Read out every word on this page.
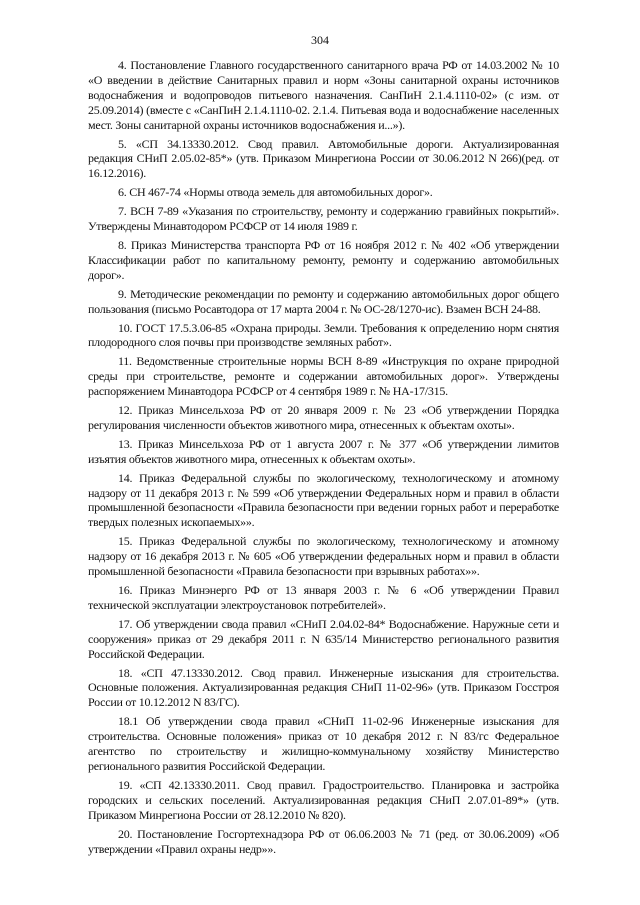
304

4. Постановление Главного государственного санитарного врача РФ от 14.03.2002 № 10 «О введении в действие Санитарных правил и норм «Зоны санитарной охраны источников водоснабжения и водопроводов питьевого назначения. СанПиН 2.1.4.1110-02» (с изм. от 25.09.2014) (вместе с «СанПиН 2.1.4.1110-02. 2.1.4. Питьевая вода и водоснабжение населенных мест. Зоны санитарной охраны источников водоснабжения и...»).

5. «СП 34.13330.2012. Свод правил. Автомобильные дороги. Актуализированная редакция СНиП 2.05.02-85*» (утв. Приказом Минрегиона России от 30.06.2012 N 266)(ред. от 16.12.2016).

6. СН 467-74 «Нормы отвода земель для автомобильных дорог».

7. ВСН 7-89 «Указания по строительству, ремонту и содержанию гравийных покрытий». Утверждены Минавтодором РСФСР от 14 июля 1989 г.

8. Приказ Министерства транспорта РФ от 16 ноября 2012 г. № 402 «Об утверждении Классификации работ по капитальному ремонту, ремонту и содержанию автомобильных дорог».

9. Методические рекомендации по ремонту и содержанию автомобильных дорог общего пользования (письмо Росавтодора от 17 марта 2004 г. № ОС-28/1270-ис). Взамен ВСН 24-88.

10. ГОСТ 17.5.3.06-85 «Охрана природы. Земли. Требования к определению норм снятия плодородного слоя почвы при производстве земляных работ».

11. Ведомственные строительные нормы ВСН 8-89 «Инструкция по охране природной среды при строительстве, ремонте и содержании автомобильных дорог». Утверждены распоряжением Минавтодора РСФСР от 4 сентября 1989 г. № НА-17/315.

12. Приказ Минсельхоза РФ от 20 января 2009 г. № 23 «Об утверждении Порядка регулирования численности объектов животного мира, отнесенных к объектам охоты».

13. Приказ Минсельхоза РФ от 1 августа 2007 г. № 377 «Об утверждении лимитов изъятия объектов животного мира, отнесенных к объектам охоты».

14. Приказ Федеральной службы по экологическому, технологическому и атомному надзору от 11 декабря 2013 г. № 599 «Об утверждении Федеральных норм и правил в области промышленной безопасности «Правила безопасности при ведении горных работ и переработке твердых полезных ископаемых»».

15. Приказ Федеральной службы по экологическому, технологическому и атомному надзору от 16 декабря 2013 г. № 605 «Об утверждении федеральных норм и правил в области промышленной безопасности «Правила безопасности при взрывных работах»».

16. Приказ Минэнерго РФ от 13 января 2003 г. № 6 «Об утверждении Правил технической эксплуатации электроустановок потребителей».

17. Об утверждении свода правил «СНиП 2.04.02-84* Водоснабжение. Наружные сети и сооружения» приказ от 29 декабря 2011 г. N 635/14 Министерство регионального развития Российской Федерации.

18. «СП 47.13330.2012. Свод правил. Инженерные изыскания для строительства. Основные положения. Актуализированная редакция СНиП 11-02-96» (утв. Приказом Госстроя России от 10.12.2012 N 83/ГС).

18.1 Об утверждении свода правил «СНиП 11-02-96 Инженерные изыскания для строительства. Основные положения» приказ от 10 декабря 2012 г. N 83/гс Федеральное агентство по строительству и жилищно-коммунальному хозяйству Министерство регионального развития Российской Федерации.

19. «СП 42.13330.2011. Свод правил. Градостроительство. Планировка и застройка городских и сельских поселений. Актуализированная редакция СНиП 2.07.01-89*» (утв. Приказом Минрегиона России от 28.12.2010 № 820).

20. Постановление Госгортехнадзора РФ от 06.06.2003 № 71 (ред. от 30.06.2009) «Об утверждении «Правил охраны недр»».
